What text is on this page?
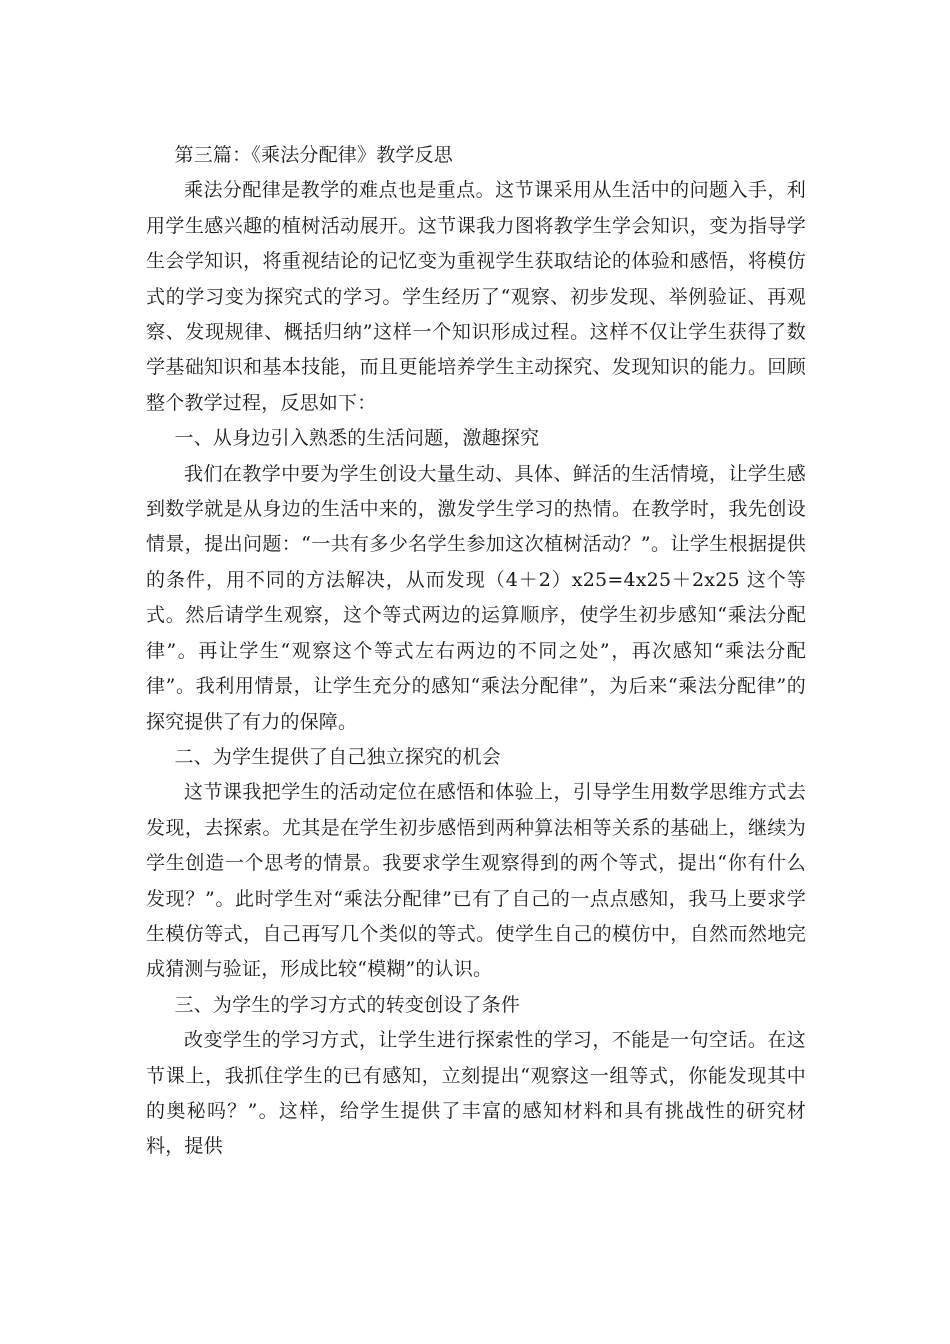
第三篇：《乘法分配律》教学反思

乘法分配律是教学的难点也是重点。这节课采用从生活中的问题入手，利用学生感兴趣的植树活动展开。这节课我力图将教学生学会知识，变为指导学生会学知识，将重视结论的记忆变为重视学生获取结论的体验和感悟，将模仿式的学习变为探究式的学习。学生经历了“观察、初步发现、举例验证、再观察、发现规律、概括归纳”这样一个知识形成过程。这样不仅让学生获得了数学基础知识和基本技能，而且更能培养学生主动探究、发现知识的能力。回顾整个教学过程，反思如下：

一、从身边引入熟悉的生活问题，激趣探究

我们在教学中要为学生创设大量生动、具体、鲜活的生活情境，让学生感到数学就是从身边的生活中来的，激发学生学习的热情。在教学时，我先创设情景，提出问题：“一共有多少名学生参加这次植树活动？”。让学生根据提供的条件，用不同的方法解决，从而发现（4＋2）x25=4x25＋2x25 这个等式。然后请学生观察，这个等式两边的运算顺序，使学生初步感知“乘法分配律”。再让学生“观察这个等式左右两边的不同之处”，再次感知“乘法分配律”。我利用情景，让学生充分的感知“乘法分配律”，为后来“乘法分配律”的探究提供了有力的保障。

二、为学生提供了自己独立探究的机会

这节课我把学生的活动定位在感悟和体验上，引导学生用数学思维方式去发现，去探索。尤其是在学生初步感悟到两种算法相等关系的基础上，继续为学生创造一个思考的情景。我要求学生观察得到的两个等式，提出“你有什么发现？”。此时学生对“乘法分配律”已有了自己的一点点感知，我马上要求学生模仿等式，自己再写几个类似的等式。使学生自己的模仿中，自然而然地完成猜测与验证，形成比较“模糊”的认识。

三、为学生的学习方式的转变创设了条件

改变学生的学习方式，让学生进行探索性的学习，不能是一句空话。在这节课上，我抓住学生的已有感知，立刻提出“观察这一组等式，你能发现其中的奥秘吗？”。这样，给学生提供了丰富的感知材料和具有挑战性的研究材料，提供
